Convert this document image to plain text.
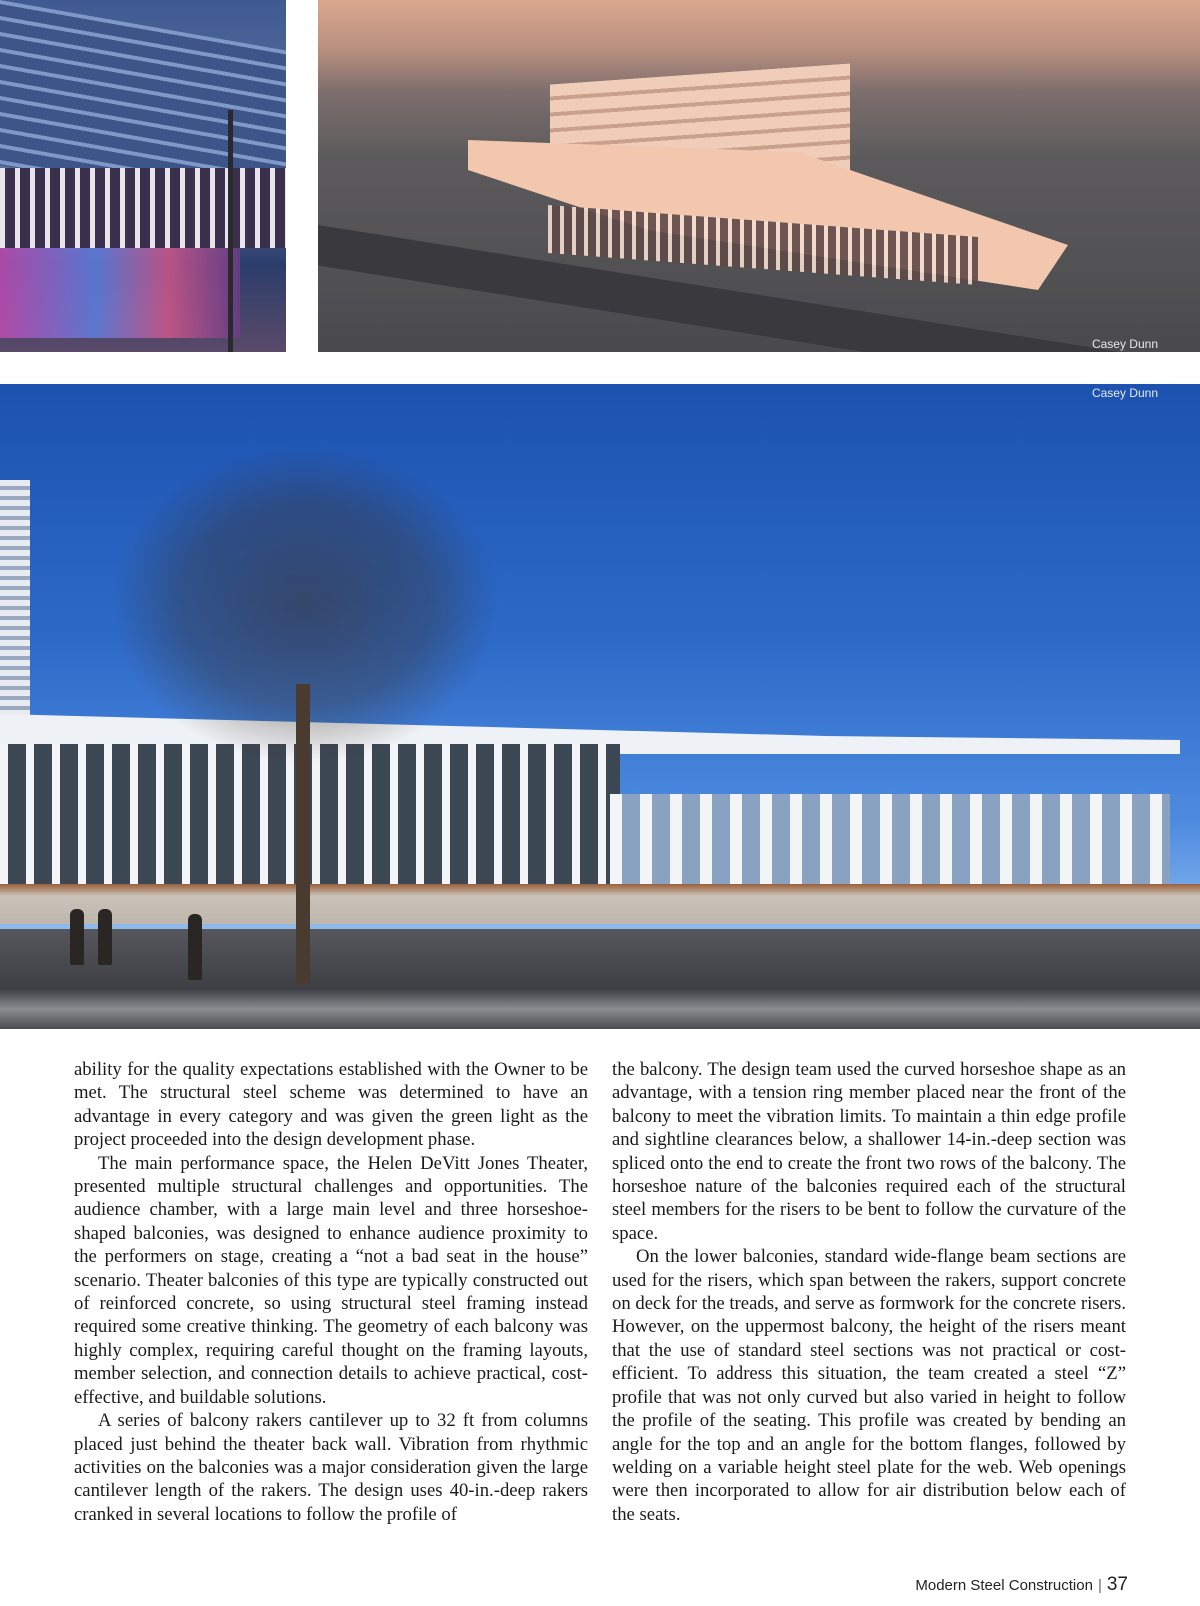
Casey Dunn
Casey Dunn

ability for the quality expectations established with the Owner to be met. The structural steel scheme was determined to have an advantage in every category and was given the green light as the project proceeded into the design development phase.

The main performance space, the Helen DeVitt Jones Theater, presented multiple structural challenges and opportunities. The audience chamber, with a large main level and three horseshoe-shaped balconies, was designed to enhance audience proximity to the performers on stage, creating a “not a bad seat in the house” scenario. Theater balconies of this type are typically constructed out of reinforced concrete, so using structural steel framing instead required some creative thinking. The geometry of each balcony was highly complex, requiring careful thought on the framing layouts, member selection, and connection details to achieve practical, cost-effective, and buildable solutions.

A series of balcony rakers cantilever up to 32 ft from columns placed just behind the theater back wall. Vibration from rhythmic activities on the balconies was a major consideration given the large cantilever length of the rakers. The design uses 40-in.-deep rakers cranked in several locations to follow the profile of

the balcony. The design team used the curved horseshoe shape as an advantage, with a tension ring member placed near the front of the balcony to meet the vibration limits. To maintain a thin edge profile and sightline clearances below, a shallower 14-in.-deep section was spliced onto the end to create the front two rows of the balcony. The horseshoe nature of the balconies required each of the structural steel members for the risers to be bent to follow the curvature of the space.

On the lower balconies, standard wide-flange beam sections are used for the risers, which span between the rakers, support concrete on deck for the treads, and serve as formwork for the concrete risers. However, on the uppermost balcony, the height of the risers meant that the use of standard steel sections was not practical or cost-efficient. To address this situation, the team created a steel “Z” profile that was not only curved but also varied in height to follow the profile of the seating. This profile was created by bending an angle for the top and an angle for the bottom flanges, followed by welding on a variable height steel plate for the web. Web openings were then incorporated to allow for air distribution below each of the seats.

Modern Steel Construction | 37
